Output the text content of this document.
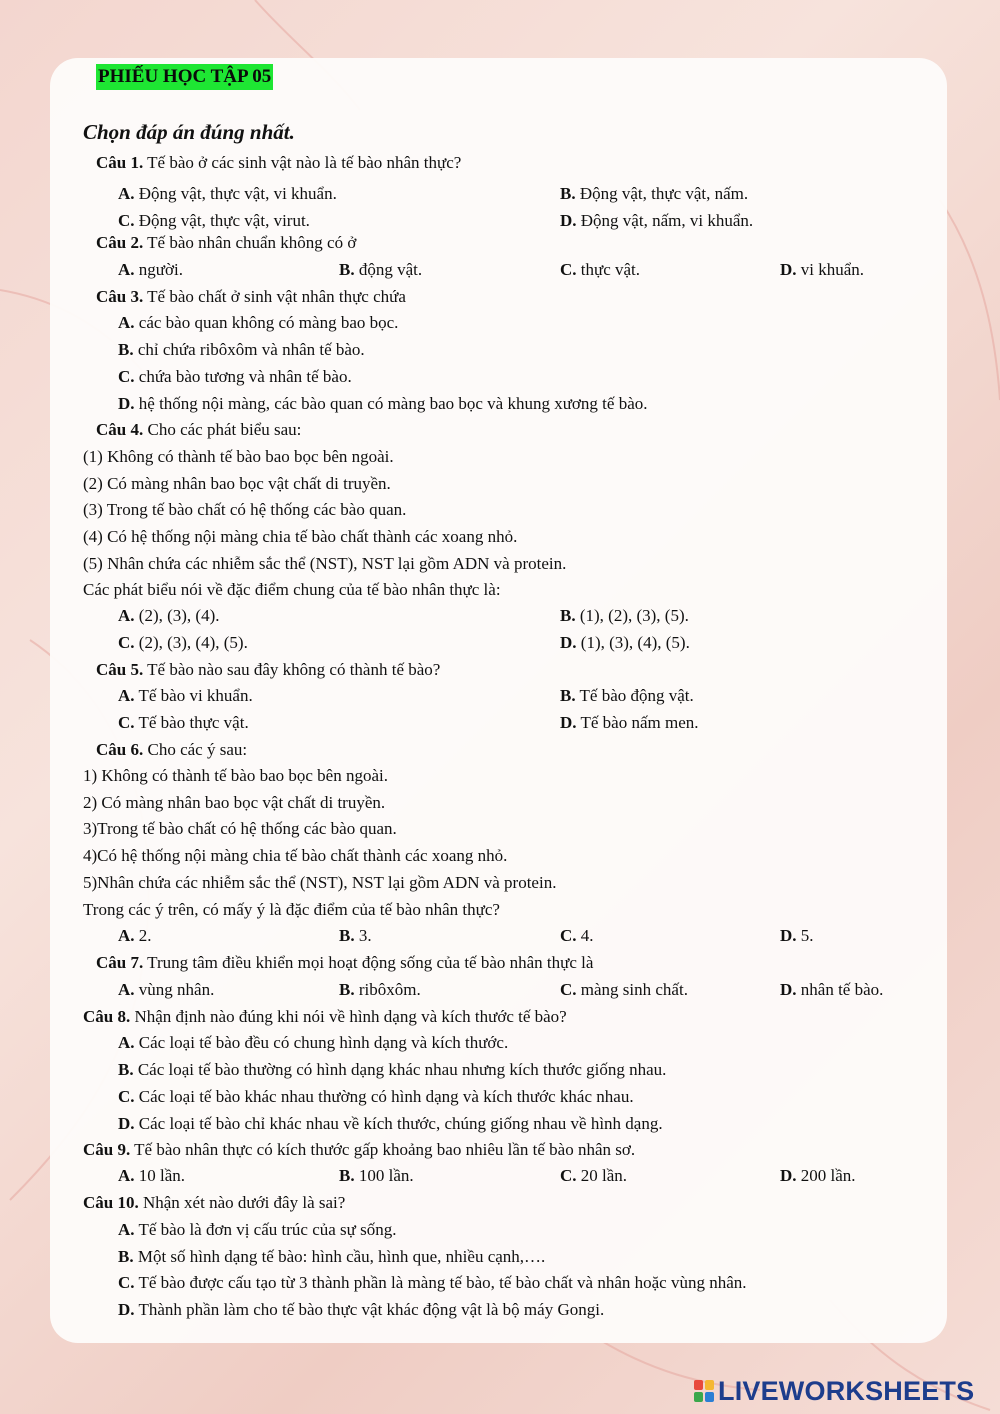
PHIẾU HỌC TẬP 05
Chọn đáp án đúng nhất.
Câu 1. Tế bào ở các sinh vật nào là tế bào nhân thực?
A. Động vật, thực vật, vi khuẩn.	B. Động vật, thực vật, nấm.
C. Động vật, thực vật, virut.	D. Động vật, nấm, vi khuẩn.
Câu 2. Tế bào nhân chuẩn không có ở
A. người.	B. động vật.	C. thực vật.	D. vi khuẩn.
Câu 3. Tế bào chất ở sinh vật nhân thực chứa
A. các bào quan không có màng bao bọc.
B. chỉ chứa ribôxôm và nhân tế bào.
C. chứa bào tương và nhân tế bào.
D. hệ thống nội màng, các bào quan có màng bao bọc và khung xương tế bào.
Câu 4. Cho các phát biểu sau:
(1) Không có thành tế bào bao bọc bên ngoài.
(2) Có màng nhân bao bọc vật chất di truyền.
(3) Trong tế bào chất có hệ thống các bào quan.
(4) Có hệ thống nội màng chia tế bào chất thành các xoang nhỏ.
(5) Nhân chứa các nhiễm sắc thể (NST), NST lại gồm ADN và protein.
Các phát biểu nói về đặc điểm chung của tế bào nhân thực là:
A. (2), (3), (4).	B. (1), (2), (3), (5).
C. (2), (3), (4), (5).	D. (1), (3), (4), (5).
Câu 5. Tế bào nào sau đây không có thành tế bào?
A. Tế bào vi khuẩn.	B. Tế bào động vật.
C. Tế bào thực vật.	D. Tế bào nấm men.
Câu 6. Cho các ý sau:
1) Không có thành tế bào bao bọc bên ngoài.
2) Có màng nhân bao bọc vật chất di truyền.
3)Trong tế bào chất có hệ thống các bào quan.
4)Có hệ thống nội màng chia tế bào chất thành các xoang nhỏ.
5)Nhân chứa các nhiễm sắc thể (NST), NST lại gồm ADN và protein.
Trong các ý trên, có mấy ý là đặc điểm của tế bào nhân thực?
A. 2.	B. 3.	C. 4.	D. 5.
Câu 7. Trung tâm điều khiển mọi hoạt động sống của tế bào nhân thực là
A. vùng nhân.	B. ribôxôm.	C. màng sinh chất.	D. nhân tế bào.
Câu 8. Nhận định nào đúng khi nói về hình dạng và kích thước tế bào?
A. Các loại tế bào đều có chung hình dạng và kích thước.
B. Các loại tế bào thường có hình dạng khác nhau nhưng kích thước giống nhau.
C. Các loại tế bào khác nhau thường có hình dạng và kích thước khác nhau.
D. Các loại tế bào chỉ khác nhau về kích thước, chúng giống nhau về hình dạng.
Câu 9. Tế bào nhân thực có kích thước gấp khoảng bao nhiêu lần tế bào nhân sơ.
A. 10 lần.	B. 100 lần.	C. 20 lần.	D. 200 lần.
Câu 10. Nhận xét nào dưới đây là sai?
A. Tế bào là đơn vị cấu trúc của sự sống.
B. Một số hình dạng tế bào: hình cầu, hình que, nhiều cạnh,….
C. Tế bào được cấu tạo từ 3 thành phần là màng tế bào, tế bào chất và nhân hoặc vùng nhân.
D. Thành phần làm cho tế bào thực vật khác động vật là bộ máy Gongi.
LIVEWORKSHEETS
